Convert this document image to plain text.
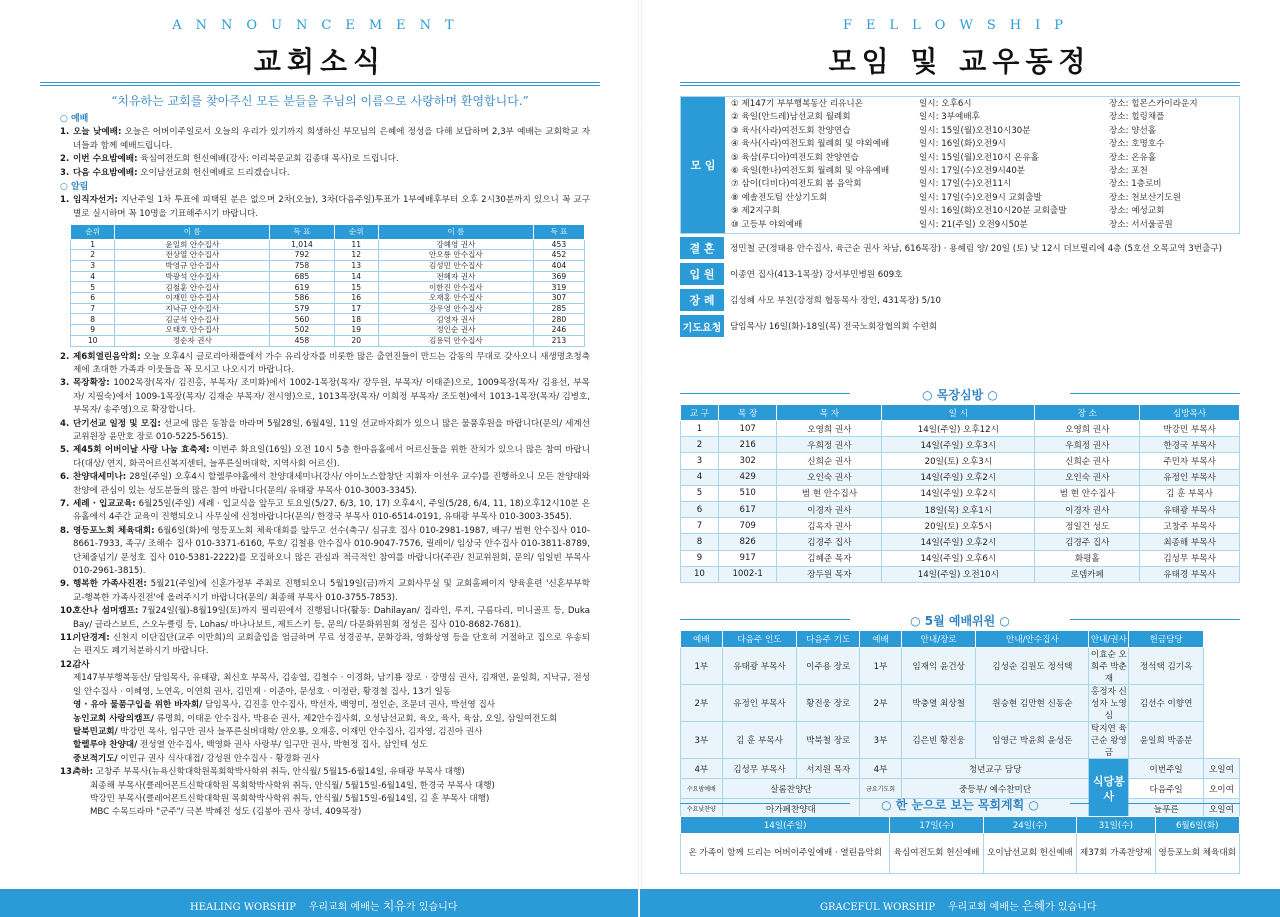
ANNOUNCEMENT
교회소식
“치유하는 교회를 찾아주신 모든 분들을 주님의 이름으로 사랑하며 환영합니다.”
○ 예배
1. 오늘 낮예배: 오늘은 어버이주일로서 오늘의 우리가 있기까지 희생하신 부모님의 은혜에 정성을 다해 보답하며 2,3부 예배는 교회학교 자녀들과 함께 예배드립니다.
2. 이번 수요밤예배: 육심여전도회 헌신예배(강사: 이리북문교회 김종대 목사)로 드립니다.
3. 다음 수요밤예배: 오이남선교회 헌신예배로 드리겠습니다.
○ 알림
1. 임직자선거: 지난주일 1차 투표에 피택된 분은 없으며 2차(오늘), 3차(다음주일)투표가 1부예배후부터 오후 2시30분까지 있으니 꼭 교구별로 실시하며 꼭 10명을 기표해주시기 바랍니다.
순위	이 름	득 표	순위	이 름	득 표
1	윤일희 안수집사	1,014	11	강혜영 권사	453
2	전상열 안수집사	792	12	안오룡 안수집사	452
3	박영규 안수집사	758	13	김성민 안수집사	404
4	박광석 안수집사	685	14	전혜자 권사	369
5	김철훈 안수집사	619	15	이한진 안수집사	319
6	이재민 안수집사	586	16	오재홍 안수집사	307
7	지낙규 안수집사	579	17	강우영 안수집사	285
8	김군석 안수집사	560	18	김영자 권사	280
9	오태호 안수집사	502	19	정인순 권사	246
10	정순자 권사	458	20	김용덕 안수집사	213
2. 제6회열린음악회: 오늘 오후4시 글로리아채플에서 가수 유리상자를 비롯한 많은 출연진들이 만드는 감동의 무대로 갖사오니 새생명초청축제에 초대한 가족과 이웃들을 꼭 모시고 나오시기 바랍니다.
3. 목장확장: 1002목장(목자/ 김진홍, 부목자/ 조미화)에서 1002-1목장(목자/ 장두원, 부목자/ 이태준)으로, 1009목장(목자/ 김용선, 부목자/ 지필숙)에서 1009-1목장(목자/ 김재순 부목자/ 전시영)으로, 1013목장(목자/ 이희정 부목자/ 조도현)에서 1013-1목장(목자/ 김병호, 부목자/ 송주영)으로 확장합니다.
4. 단기선교 일정 및 모집: 선교에 많은 동참을 바라며 5월28일, 6월4일, 11일 선교바자회가 있으니 많은 물품후원을 바랍니다(문의/ 세계선교위원장 윤만호 장로 010-5225-5615).
5. 제45회 어버이날 사랑 나눔 효축제: 이번주 화요일(16일) 오전 10시 5층 한마음홀에서 어르신들을 위한 잔치가 있으니 많은 참여 바랍니다(대상/ 연지, 화곡어르신복지센터, 늘푸른실버대학, 지역사회 어르신).
6. 찬양대세미나: 28일(주일) 오후4시 할렐루야홀에서 찬양대세미나(강사/ 아이노스합창단 지휘자 이선우 교수)를 진행하오니 모든 찬양대와 찬양에 관심이 있는 성도분들의 많은 참여 바랍니다(문의/ 유태광 부목사 010-3003-3345).
7. 세례 · 입교교육: 6월25일(주일) 세례 · 입교식을 앞두고 토요일(5/27, 6/3, 10, 17) 오후4시, 주일(5/28, 6/4, 11, 18)오후12시10분 온유홀에서 4주간 교육이 진행되오니 사무실에 신청바랍니다(문의/ 한경국 부목사 010-6514-0191, 유태광 부목사 010-3003-3545).
8. 영등포노회 체육대회: 6월6일(화)에 영등포노회 체육대회를 앞두고 선수(축구/ 심규호 집사 010-2981-1987, 배구/ 범현 안수집사 010-8661-7933, 족구/ 조해수 집사 010-3371-6160, 투호/ 김철용 안수집사 010-9047-7576, 릴레이/ 임상국 안수집사 010-3811-8789, 단체줄넘기/ 문성호 집사 010-5381-2222)를 모집하오니 많은 관심과 적극적인 참여를 바랍니다(주관/ 친교위원회, 문의/ 임일빈 부목사 010-2961-3815).
9. 행복한 가족사진전: 5월21(주일)에 신혼가정부 주최로 진행되오니 5월19일(금)까지 교회사무실 및 교회홈페이지 양육훈련 '신혼부부학교-행복한 가족사진전'에 올려주시기 바랍니다(문의/ 최종해 부목사 010-3755-7853).
10.
호산나 섬머캠프: 7월24일(월)-8월19일(토)까지 필리핀에서 진행됩니다(활동: Dahilayan/ 집라인, 루지, 구름다리, 미니골프 등, Duka Bay/ 글라스보트, 스오누클링 등, Lohas/ 바나나보트, 제트스키 등, 문의/ 다문화위원회 정성은 집사 010-8682-7681).
11.
이단경계: 신천지 이단집단(교주 이만희)의 교회출입을 엄금하며 무료 성경공부, 문화강좌, 영화상영 등을 단호히 거절하고 집으로 우송되는 편지도 폐기처분하시기 바랍니다.
12.
감사
제147부부행복동산/ 담임목사, 유태광, 최신호 부목사, 김송엽, 김철수 · 이경화, 남기룡 장로 · 강명심 권사, 김재연, 윤일희, 지낙규, 전성일 안수집사 · 이혜영, 노연옥, 이연희 권사, 김민재 · 이준아, 문성호 · 이정란, 황경철 집사, 13기 일동
영 · 유아 물품구입을 위한 바자회/ 담임목사, 김진홍 안수집사, 박선자, 백영미, 정인순, 조문녀 권사, 박선영 집사
농인교회 사랑의캠프/ 류명희, 이태운 안수집사, 박용순 권사, 제2안수집사회, 오성남선교회, 육오, 육사, 육삼, 오일, 삼일여전도회
탈북민교회/ 박강민 목사, 임구만 권사 늘푸른실버대학/ 안오룡, 오재홍, 이재민 안수집사, 김자영, 김진아 권사
할렐루야 찬양대/ 전성열 안수집사, 백영화 권사 사랑부/ 임구만 권사, 박현정 집사, 삼인테 성도
중보적기도/ 이민규 권사 식사대접/ 강성원 안수집사 · 황경화 권사
13.
축하: 고창주 부목사(뉴욕신학대학원목회학박사학위 취득, 안식월/ 5월15-6월14일, 유태광 부목사 대행)
최종해 부목사(클레어몬트신학대학원 목회학박사학위 취득, 안식월/ 5월15일-6월14일, 한경국 부목사 대행)
박강민 부목사(클레어몬트신학대학원 목회학박사학위 취득, 안식월/ 5월15일-6월14일, 김 훈 부목사 대행)
MBC 수목드라마 "군주"/ 극본 박혜진 성도 (김봉아 권사 장녀, 409목장)
HEALING WORSHIP 우리교회 예배는 치유가 있습니다
FELLOWSHIP
모임 및 교우동정
GRACEFUL WORSHIP 우리교회 예배는 은혜가 있습니다
모 임
① 제147기 부부행복동산 리유니온	일시: 오후6시	장소: 힐몬스카이라운지
② 육일(안드레)남선교회 월례회	일시: 3부예배후	장소: 힐링채플
③ 육사(사라)여전도회 찬양연습	일시: 15일(월)오전10시30분	장소: 양선홀
④ 육사(사라)여전도회 월례회 및 야외예배	일시: 16일(화)오전9시	장소: 호명호수
⑤ 육삼(루디아)여전도회 찬양연습	일시: 15일(월)오전10시 온유홀	장소: 온유홀
⑥ 육일(한나)여전도회 월례회 및 야유예배	일시: 17일(수)오전9시40분	장소: 포천
⑦ 삼이(디비다)여전도회 봄 음악회	일시: 17일(수)오전11시	장소: 1층로비
⑧ 예솔전도팀 산상기도회	일시: 17일(수)오전9시 교회출발	장소: 천보산기도원
⑨ 제2지구회	일시: 16일(화)오전10시20분 교회출발	장소: 예성교회
⑩ 고등부 야외예배	일시: 21(주일) 오전9시50분	장소: 서서울공원
결 혼	정민철 군(정태용 안수집사, 육근순 권사 차남, 616목장) · 용혜림 양/ 20일 (토) 낮 12시 더브릴리에 4층 (5호선 오목교역 3번출구)
입 원	이종연 집사(413-1목장) 강서부민병원 609호
장 례	김성혜 사모 부친(강정희 협동목사 장인, 431목장) 5/10
기도요청	담임목사/ 16일(화)-18일(목) 전국노회장협의회 수련회
○ 목장심방 ○
교 구	목 장	목 자	일 시	장 소	심방목사
1	107	오영희 권사	14일(주일) 오후12시	오영희 권사	박강민 부목사
2	216	우희정 권사	14일(주일) 오후3시	우희정 권사	한경국 부목사
3	302	신희순 권사	20일(토) 오후3시	신희순 권사	주민자 부목사
4	429	오인숙 권사	14일(주일) 오후2시	오인숙 권사	유정인 부목사
5	510	범 현 안수집사	14일(주일) 오후2시	범 현 안수집사	김 훈 부목사
6	617	이경자 권사	18일(목) 오후1시	이경자 권사	유태광 부목사
7	709	김옥자 권사	20일(토) 오후5시	정일건 성도	고창주 부목사
8	826	김경주 집사	14일(주일) 오후2시	김경주 집사	최종해 부목사
9	917	김혜준 목자	14일(주일) 오후6시	화평홀	김성무 부목사
10	1002-1	장두원 목자	14일(주일) 오전10시	로뎀카페	유태경 부목사
○ 5월 예배위원 ○
예배	다음주 인도	다음주 기도	예배	안내/장로	안내/안수집사	안내/권사	헌금담당	
1부	유태광 부목사	이주용 장로	1부	임재익 윤건상	김성순 김원도 정석택	이효순 오희주 박춘재	정석택 김기옥	
2부	유정인 부목사	황진웅 장로	2부	박충열 최상철	원승현 김만현 신동순	홍정자 신성자 노영심	김선수 이향연	
3부	김 훈 부목사	박북철 장로	3부	김은빈 황진웅	임영근 박윤희 윤성돈	탁지연 육근순 왕영금	윤일희 박종분	
4부	김성무 부목사	서지원 목자	4부	청년교구 담당		식당봉사	이번주일	오일여
수요밤예배	살롬찬양단		금요기도회	중등부/ 예수찬미단			다음주일	오이여
수요낮찬양	아가페찬양대						늘푸른	오일여
○ 한 눈으로 보는 목회계획 ○
14일(주일)	17일(수)	24일(수)	31일(수)	6월6일(화)
온 가족이 함께 드리는 어버이주일예배 · 열린음악회	육심여전도회 헌신예배	오이남선교회 헌신예배	제37회 가족찬양제	영등포노회 체육대회
